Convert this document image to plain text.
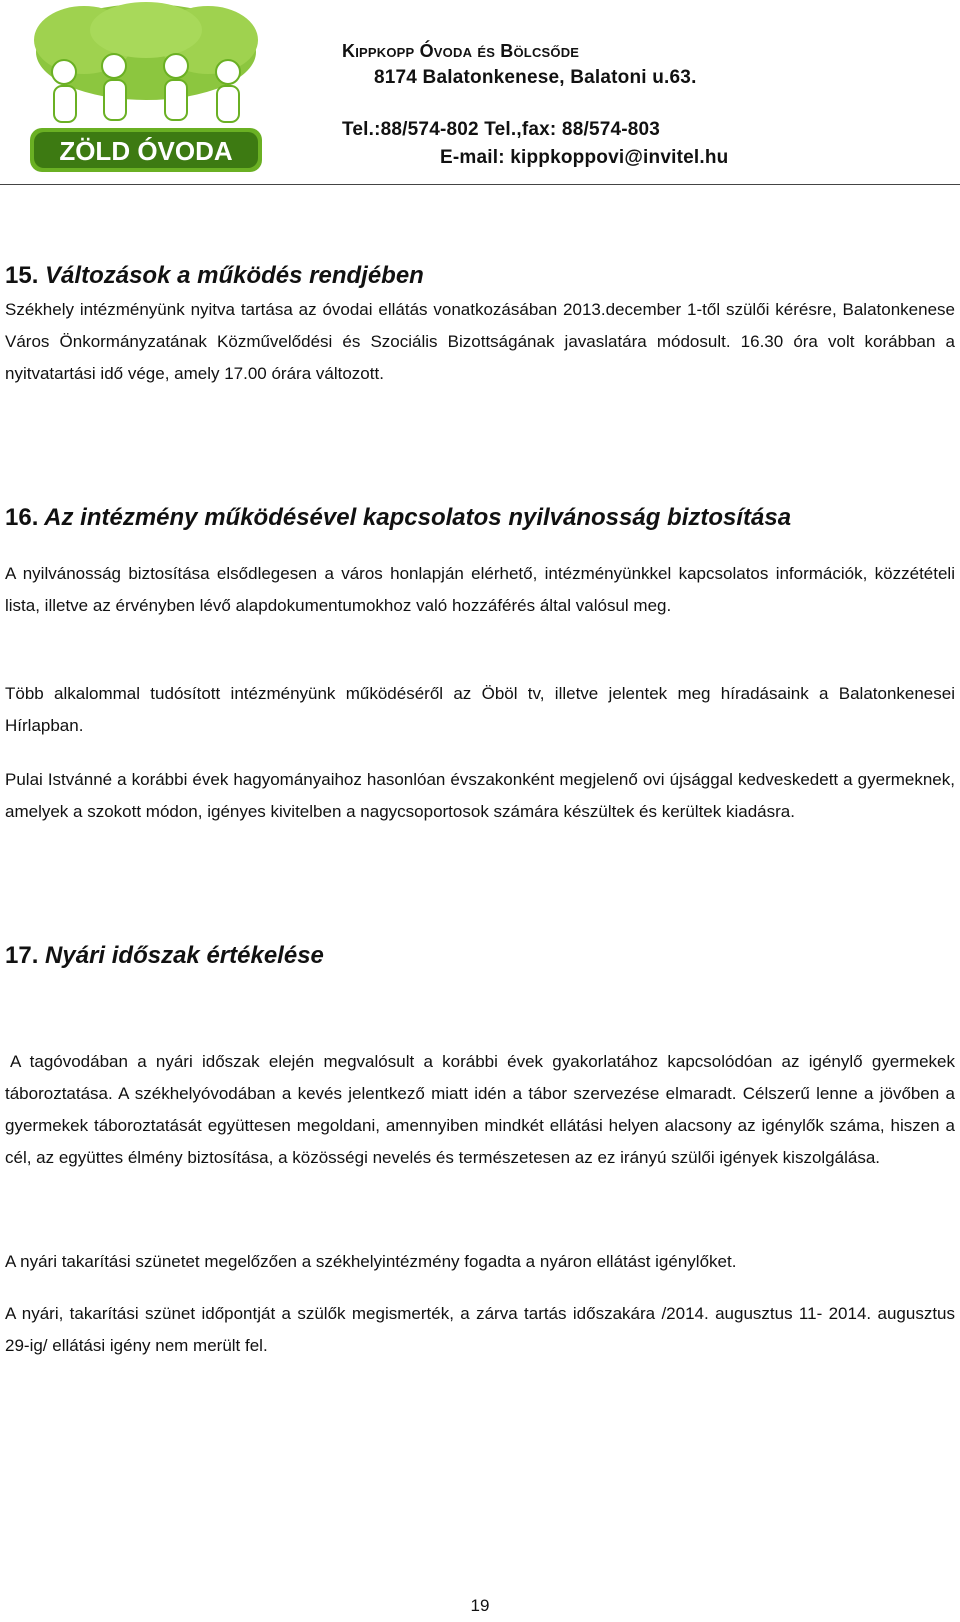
ZÖLD ÓVODA

Kippkopp Óvoda és Bölcsőde

8174 Balatonkenese, Balatoni u.63.

Tel.:88/574-802 Tel.,fax: 88/574-803

E-mail: kippkoppovi@invitel.hu

15. Változások a működés rendjében

Székhely intézményünk nyitva tartása az óvodai ellátás vonatkozásában 2013.december 1-től szülői kérésre, Balatonkenese Város Önkormányzatának Közművelődési és Szociális Bizottságának javaslatára módosult. 16.30 óra volt korábban a nyitvatartási idő vége, amely 17.00 órára változott.

16. Az intézmény működésével kapcsolatos nyilvánosság biztosítása

A nyilvánosság biztosítása elsődlegesen a város honlapján elérhető, intézményünkkel kapcsolatos információk, közzétételi lista, illetve az érvényben lévő alapdokumentumokhoz való hozzáférés által valósul meg.

Több alkalommal tudósított intézményünk működéséről az Öböl tv, illetve jelentek meg híradásaink a Balatonkenesei Hírlapban.

Pulai Istvánné a korábbi évek hagyományaihoz hasonlóan évszakonként megjelenő ovi újsággal kedveskedett a gyermeknek, amelyek a szokott módon, igényes kivitelben a nagycsoportosok számára készültek és kerültek kiadásra.

17. Nyári időszak értékelése

A tagóvodában a nyári időszak elején megvalósult a korábbi évek gyakorlatához kapcsolódóan az igénylő gyermekek táboroztatása. A székhelyóvodában a kevés jelentkező miatt idén a tábor szervezése elmaradt. Célszerű lenne a jövőben a gyermekek táboroztatását együttesen megoldani, amennyiben mindkét ellátási helyen alacsony az igénylők száma, hiszen a cél, az együttes élmény biztosítása, a közösségi nevelés és természetesen az ez irányú szülői igények kiszolgálása.

A nyári takarítási szünetet megelőzően a székhelyintézmény fogadta a nyáron ellátást igénylőket.

A nyári, takarítási szünet időpontját a szülők megismerték, a zárva tartás időszakára /2014. augusztus 11- 2014. augusztus 29-ig/ ellátási igény nem merült fel.

19
